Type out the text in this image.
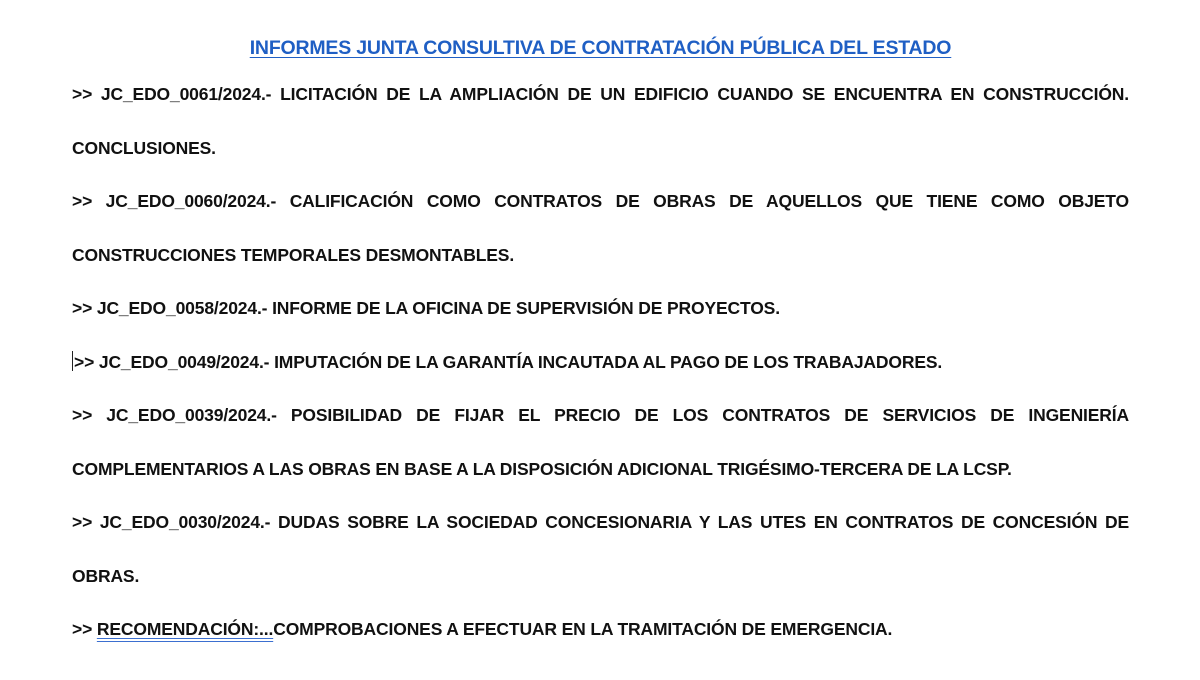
INFORMES JUNTA CONSULTIVA DE CONTRATACIÓN PÚBLICA DEL ESTADO

>> JC_EDO_0061/2024.- LICITACIÓN DE LA AMPLIACIÓN DE UN EDIFICIO CUANDO SE ENCUENTRA EN CONSTRUCCIÓN. CONCLUSIONES.

>> JC_EDO_0060/2024.- CALIFICACIÓN COMO CONTRATOS DE OBRAS DE AQUELLOS QUE TIENE COMO OBJETO CONSTRUCCIONES TEMPORALES DESMONTABLES.

>> JC_EDO_0058/2024.- INFORME DE LA OFICINA DE SUPERVISIÓN DE PROYECTOS.

>> JC_EDO_0049/2024.- IMPUTACIÓN DE LA GARANTÍA INCAUTADA AL PAGO DE LOS TRABAJADORES.

>> JC_EDO_0039/2024.- POSIBILIDAD DE FIJAR EL PRECIO DE LOS CONTRATOS DE SERVICIOS DE INGENIERÍA COMPLEMENTARIOS A LAS OBRAS EN BASE A LA DISPOSICIÓN ADICIONAL TRIGÉSIMO-TERCERA DE LA LCSP.

>> JC_EDO_0030/2024.- DUDAS SOBRE LA SOCIEDAD CONCESIONARIA Y LAS UTES EN CONTRATOS DE CONCESIÓN DE OBRAS.

>> RECOMENDACIÓN:...COMPROBACIONES A EFECTUAR EN LA TRAMITACIÓN DE EMERGENCIA.
